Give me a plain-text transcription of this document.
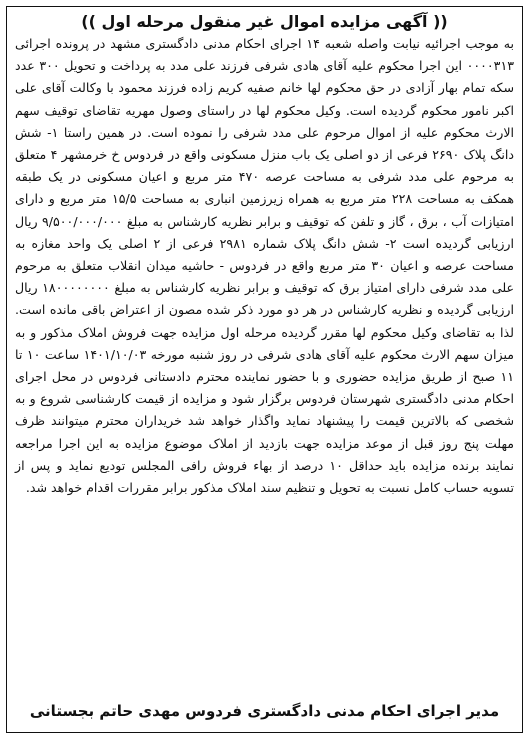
(( آگهی مزایده اموال غیر منقول مرحله اول ))
به موجب اجرائیه نیابت واصله شعبه ۱۴ اجرای احکام مدنی دادگستری مشهد در پرونده اجرائی ۰۰۰۰۳۱۳ این اجرا محکوم علیه آقای هادی شرفی فرزند علی مدد به پرداخت و تحویل ۳۰۰ عدد سکه تمام بهار آزادی در حق محکوم لها خانم صفیه کریم زاده فرزند محمود با وکالت آقای علی اکبر نامور محکوم گردیده است. وکیل محکوم لها در راستای وصول مهریه تقاضای توقیف سهم الارث محکوم علیه از اموال مرحوم علی مدد شرفی را نموده است. در همین راستا ۱- شش دانگ پلاک ۲۶۹۰ فرعی از دو اصلی یک باب منزل مسکونی واقع در فردوس خ خرمشهر ۴ متعلق به مرحوم علی مدد شرفی به مساحت عرصه ۴۷۰ متر مربع و اعیان مسکونی در یک طبقه همکف به مساحت ۲۲۸ متر مربع به همراه زیرزمین انباری به مساحت ۱۵/۵ متر مربع و دارای امتیازات آب ، برق ، گاز و تلفن که توقیف و برابر نظریه کارشناس به مبلغ ۹/۵۰۰/۰۰۰/۰۰۰ ریال ارزیابی گردیده است ۲- شش دانگ پلاک شماره ۲۹۸۱ فرعی از ۲ اصلی یک واحد مغازه به مساحت عرصه و اعیان ۳۰ متر مربع واقع در فردوس - حاشیه میدان انقلاب متعلق به مرحوم علی مدد شرفی دارای امتیاز برق که توقیف و برابر نظریه کارشناس به مبلغ ۱۸۰۰۰۰۰۰۰۰ ریال ارزیابی گردیده و نظریه کارشناس در هر دو مورد ذکر شده مصون از اعتراض باقی مانده است. لذا به تقاضای وکیل محکوم لها مقرر گردیده مرحله اول مزایده جهت فروش املاک مذکور و به میزان سهم الارث محکوم علیه آقای هادی شرفی در روز شنبه مورخه ۱۴۰۱/۱۰/۰۳ ساعت ۱۰ تا ۱۱ صبح از طریق مزایده حضوری و با حضور نماینده محترم دادستانی فردوس در محل اجرای احکام مدنی دادگستری شهرستان فردوس برگزار شود و مزایده از قیمت کارشناسی شروع و به شخصی که بالاترین قیمت را پیشنهاد نماید واگذار خواهد شد خریداران محترم میتوانند ظرف مهلت پنج روز قبل از موعد مزایده جهت بازدید از املاک موضوع مزایده به این اجرا مراجعه نمایند برنده مزایده باید حداقل ۱۰ درصد از بهاء فروش رافی المجلس تودیع نماید و پس از تسویه حساب کامل نسبت به تحویل و تنظیم سند املاک مذکور برابر مقررات اقدام خواهد شد.
مدیر اجرای احکام مدنی دادگستری فردوس مهدی حاتم بجستانی
